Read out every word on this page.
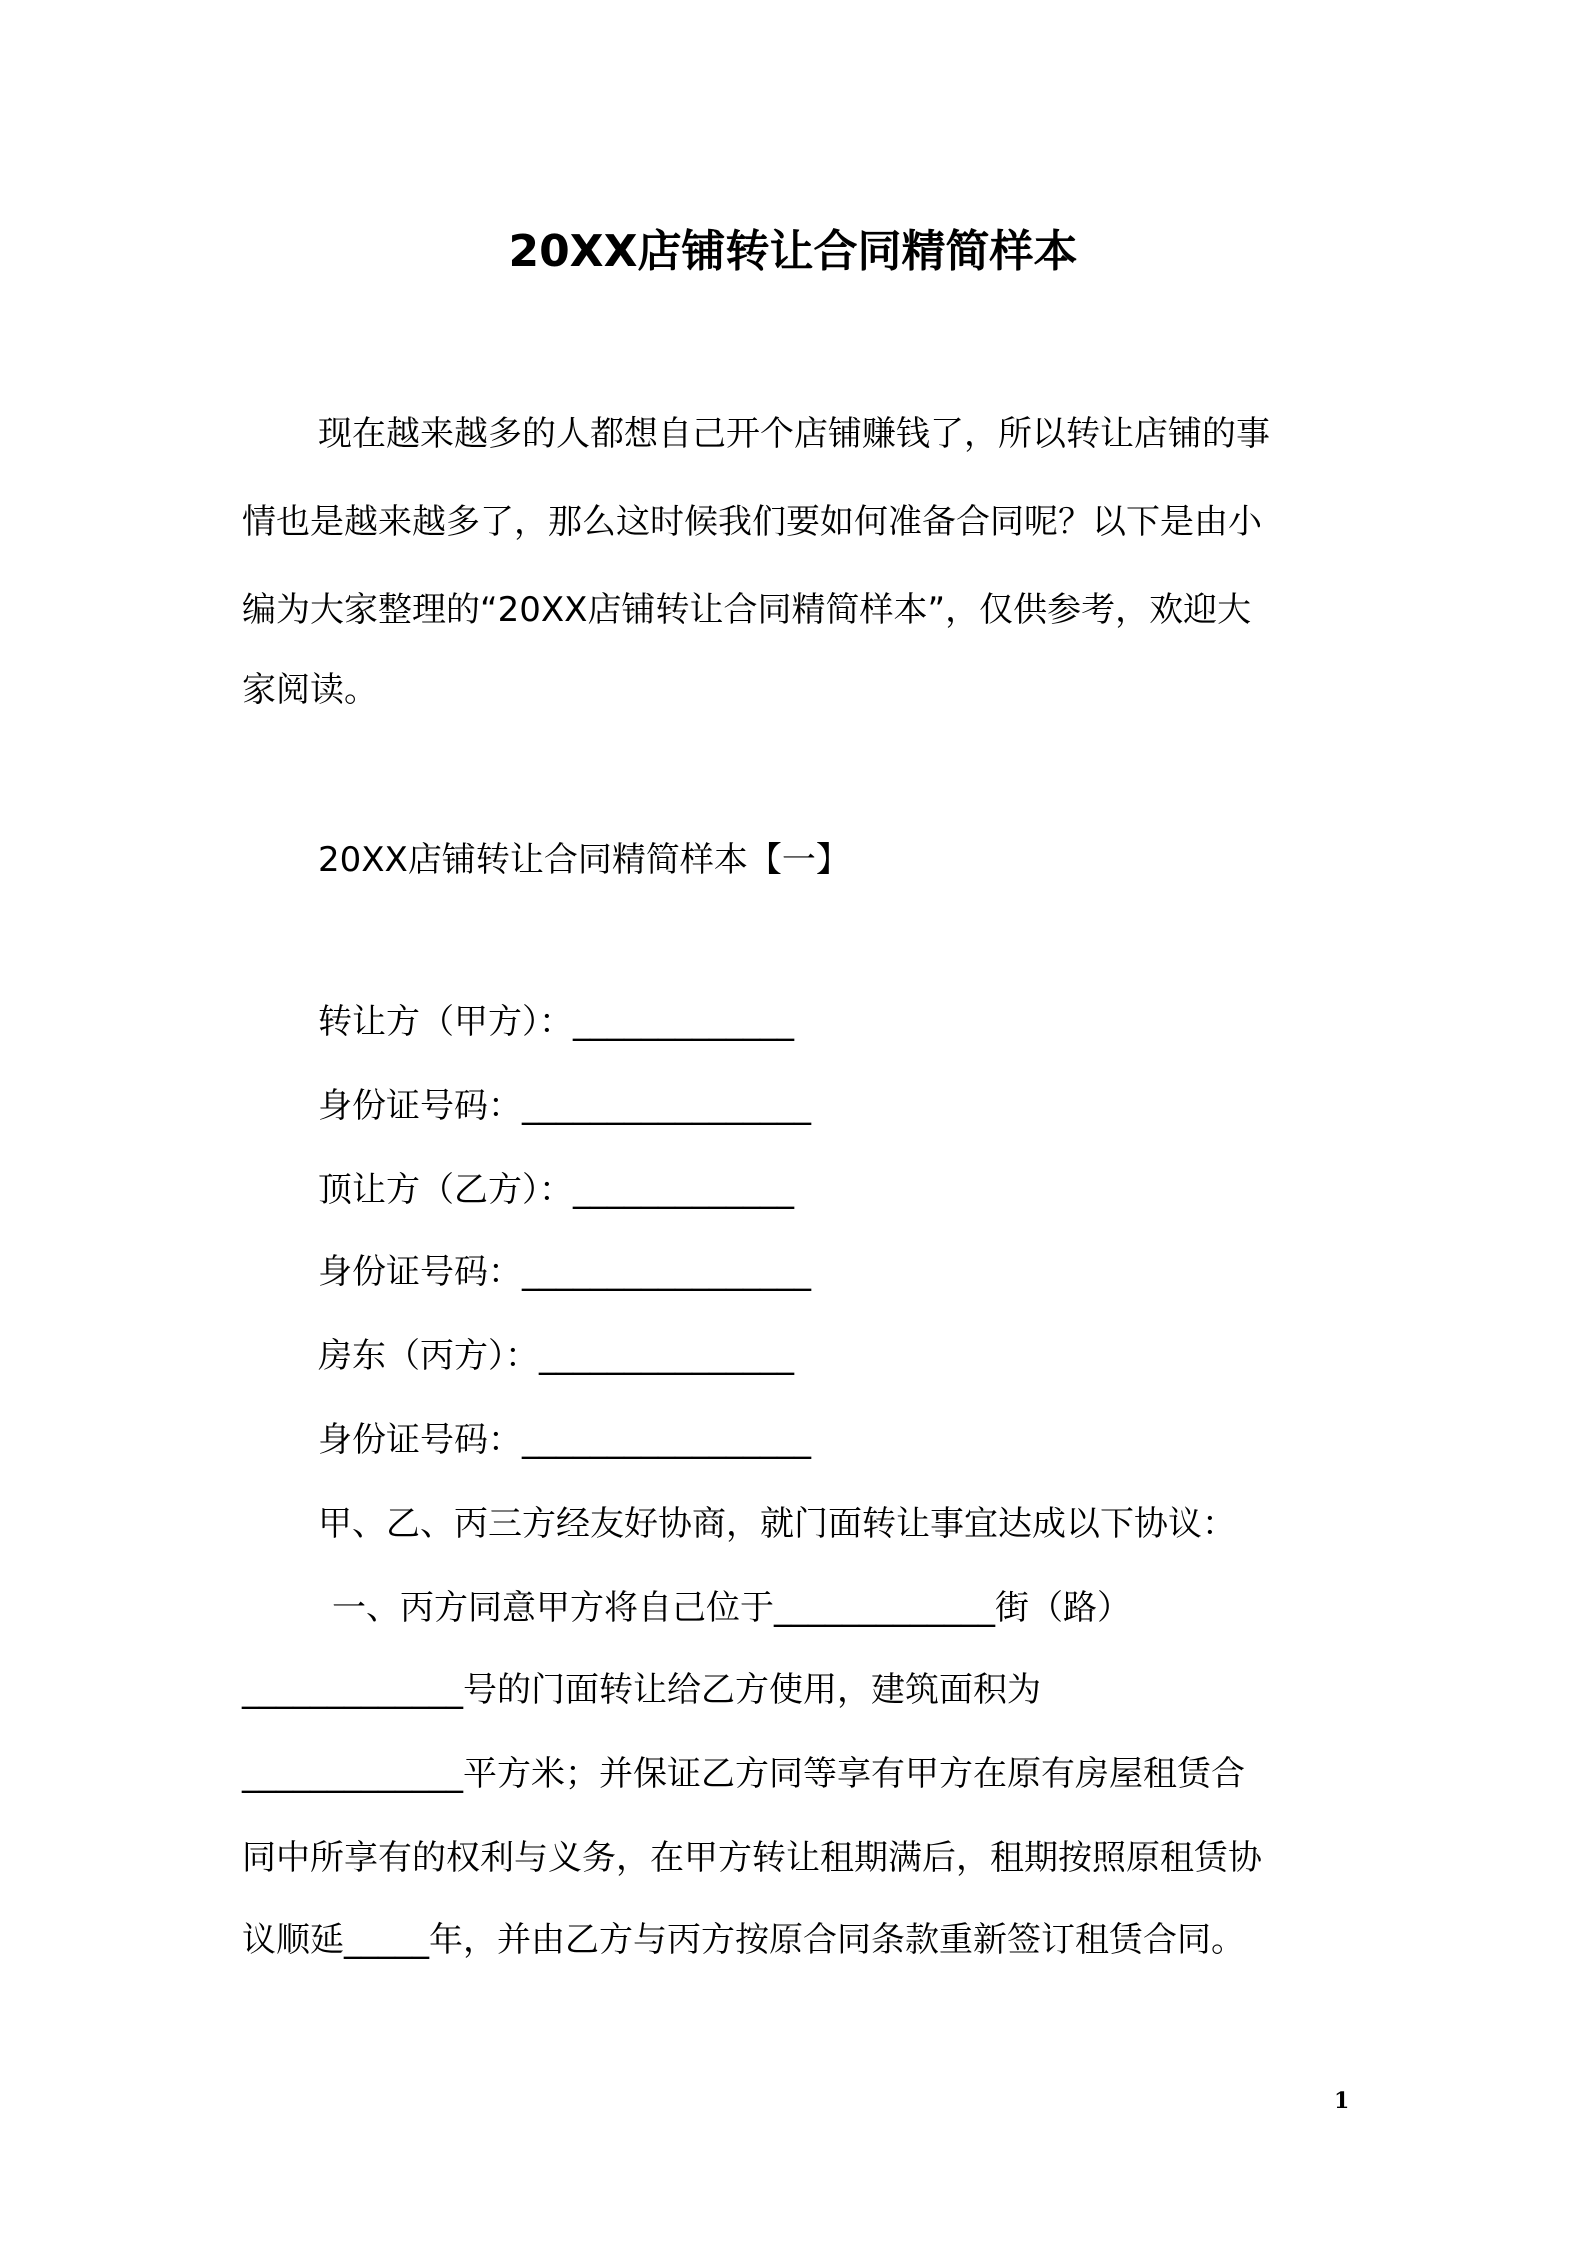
20XX店铺转让合同精简样本
现在越来越多的人都想自己开个店铺赚钱了，所以转让店铺的事
情也是越来越多了，那么这时候我们要如何准备合同呢？以下是由小
编为大家整理的“20XX店铺转让合同精简样本”，仅供参考，欢迎大
家阅读。
20XX店铺转让合同精简样本【一】
转让方（甲方）：_____________
身份证号码：_________________
顶让方（乙方）：_____________
身份证号码：_________________
房东（丙方）：_______________
身份证号码：_________________
甲、乙、丙三方经友好协商，就门面转让事宜达成以下协议：
一、丙方同意甲方将自己位于_____________街（路）
_____________号的门面转让给乙方使用，建筑面积为
_____________平方米；并保证乙方同等享有甲方在原有房屋租赁合
同中所享有的权利与义务，在甲方转让租期满后，租期按照原租赁协
议顺延_____年，并由乙方与丙方按原合同条款重新签订租赁合同。
1
